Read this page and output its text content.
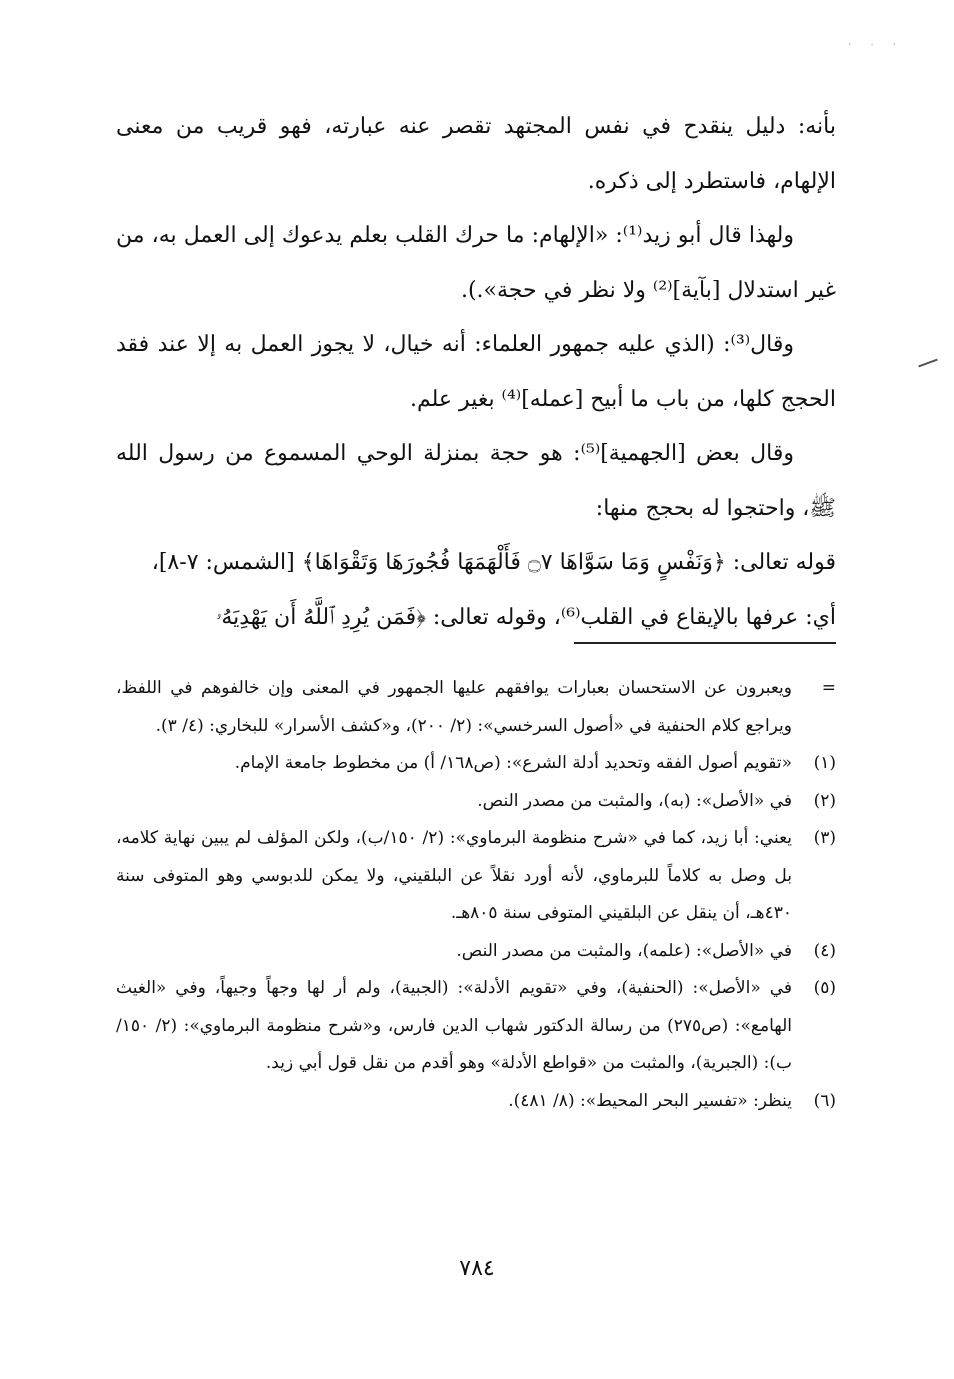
· · ·

بأنه: دليل ينقدح في نفس المجتهد تقصر عنه عبارته، فهو قريب من معنى الإلهام، فاستطرد إلى ذكره.

ولهذا قال أبو زيد⁽¹⁾: «الإلهام: ما حرك القلب بعلم يدعوك إلى العمل به، من غير استدلال [بآية]⁽²⁾ ولا نظر في حجة».).

وقال⁽³⁾: (الذي عليه جمهور العلماء: أنه خيال، لا يجوز العمل به إلا عند فقد الحجج كلها، من باب ما أبيح [عمله]⁽⁴⁾ بغير علم.

وقال بعض [الجهمية]⁽⁵⁾: هو حجة بمنزلة الوحي المسموع من رسول الله ﷺ، واحتجوا له بحجج منها:

قوله تعالى: ﴿وَنَفْسٍ وَمَا سَوَّاهَا ۝٧ فَأَلْهَمَهَا فُجُورَهَا وَتَقْوَاهَا﴾ [الشمس: ٧-٨]،

أي: عرفها بالإيقاع في القلب⁽⁶⁾، وقوله تعالى: ﴿فَمَن يُرِدِ ٱللَّهُ أَن يَهْدِيَهُۥ

=
ويعبرون عن الاستحسان بعبارات يوافقهم عليها الجمهور في المعنى وإن خالفوهم في اللفظ، ويراجع كلام الحنفية في «أصول السرخسي»: (٢/ ٢٠٠)، و«كشف الأسرار» للبخاري: (٤/ ٣).
(١)
«تقويم أصول الفقه وتحديد أدلة الشرع»: (ص١٦٨/ أ) من مخطوط جامعة الإمام.
(٢)
في «الأصل»: (به)، والمثبت من مصدر النص.
(٣)
يعني: أبا زيد، كما في «شرح منظومة البرماوي»: (٢/ ١٥٠/ب)، ولكن المؤلف لم يبين نهاية كلامه، بل وصل به كلاماً للبرماوي، لأنه أورد نقلاً عن البلقيني، ولا يمكن للدبوسي وهو المتوفى سنة ٤٣٠هـ، أن ينقل عن البلقيني المتوفى سنة ٨٠٥هـ.
(٤)
في «الأصل»: (علمه)، والمثبت من مصدر النص.
(٥)
في «الأصل»: (الحنفية)، وفي «تقويم الأدلة»: (الجبية)، ولم أر لها وجهاً وجيهاً، وفي «الغيث الهامع»: (ص٢٧٥) من رسالة الدكتور شهاب الدين فارس، و«شرح منظومة البرماوي»: (٢/ ١٥٠/ب): (الجبرية)، والمثبت من «قواطع الأدلة» وهو أقدم من نقل قول أبي زيد.
(٦)
ينظر: «تفسير البحر المحيط»: (٨/ ٤٨١).
٧٨٤
